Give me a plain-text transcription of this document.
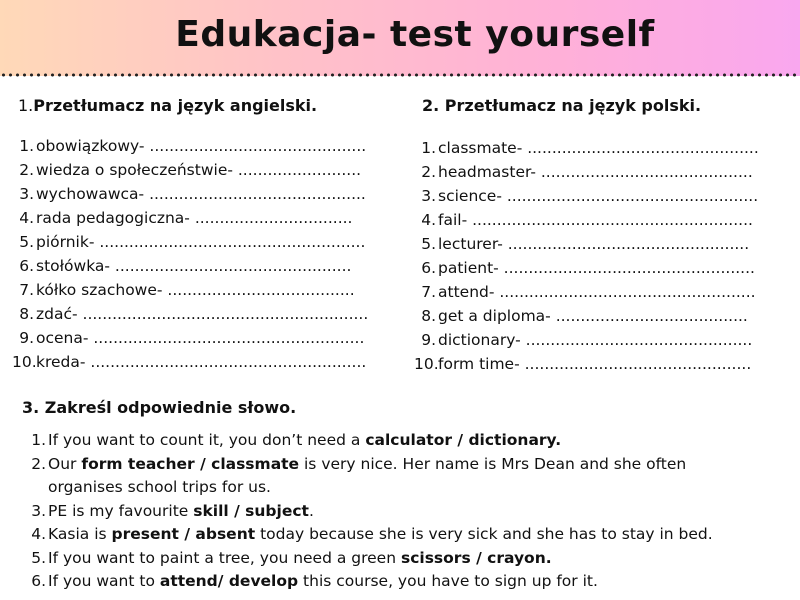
Edukacja- test yourself
1.Przetłumacz na język angielski.
1. obowiązkowy- ............................................
2. wiedza o społeczeństwie- .........................
3. wychowawca- ............................................
4. rada pedagogiczna- ................................
5. piórnik- ......................................................
6. stołówka- ................................................
7. kółko szachowe- ......................................
8. zdać- ..........................................................
9. ocena- .......................................................
10. kreda- ........................................................
2. Przetłumacz na język polski.
1. classmate- ...............................................
2. headmaster- ...........................................
3. science- ...................................................
4. fail- .........................................................
5. lecturer- .................................................
6. patient- ...................................................
7. attend- ....................................................
8. get a diploma- .......................................
9. dictionary- ..............................................
10. form time- ..............................................
3. Zakreśl odpowiednie słowo.
1. If you want to count it, you don’t need a calculator / dictionary.
2. Our form teacher / classmate is very nice. Her name is Mrs Dean and she often organises school trips for us.
3. PE is my favourite skill / subject.
4. Kasia is present / absent today because she is very sick and she has to stay in bed.
5. If you want to paint a tree, you need a green scissors / crayon.
6. If you want to attend/ develop this course, you have to sign up for it.
